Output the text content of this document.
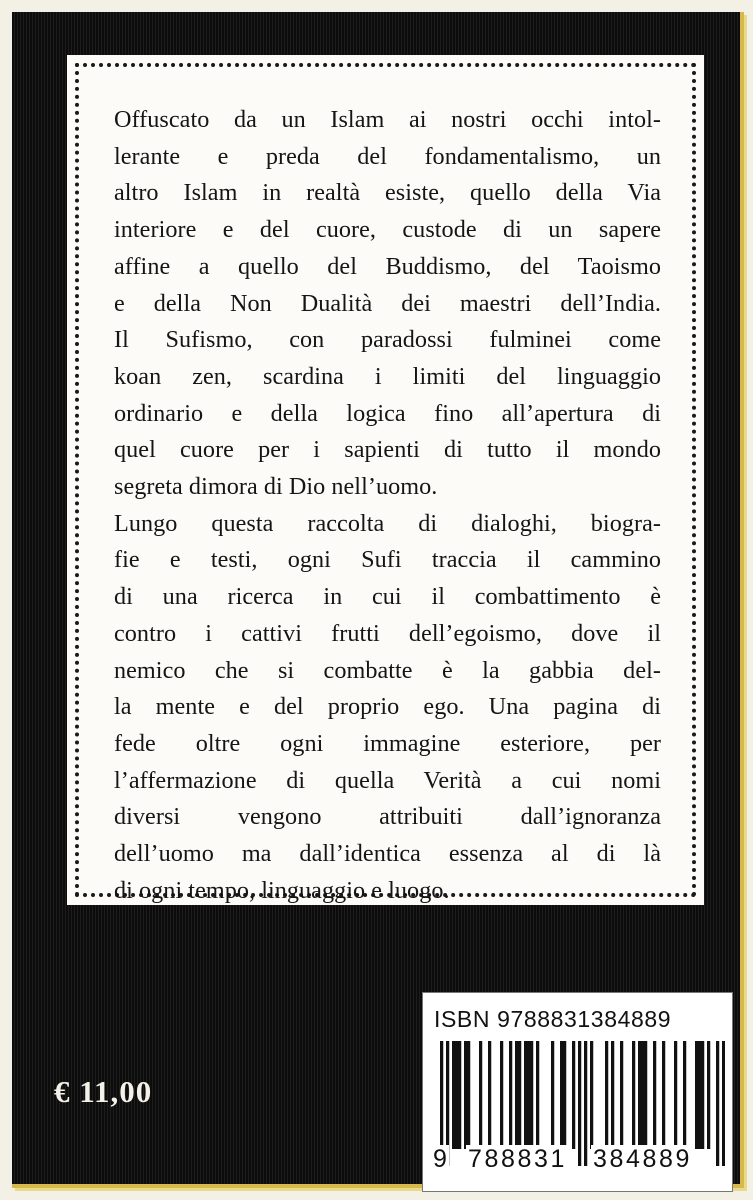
Offuscato da un Islam ai nostri occhi intol-
lerante e preda del fondamentalismo, un
altro Islam in realtà esiste, quello della Via
interiore e del cuore, custode di un sapere
affine a quello del Buddismo, del Taoismo
e della Non Dualità dei maestri dell’India.
Il Sufismo, con paradossi fulminei come
koan zen, scardina i limiti del linguaggio
ordinario e della logica fino all’apertura di
quel cuore per i sapienti di tutto il mondo
segreta dimora di Dio nell’uomo.
Lungo questa raccolta di dialoghi, biogra-
fie e testi, ogni Sufi traccia il cammino
di una ricerca in cui il combattimento è
contro i cattivi frutti dell’egoismo, dove il
nemico che si combatte è la gabbia del-
la mente e del proprio ego. Una pagina di
fede oltre ogni immagine esteriore, per
l’affermazione di quella Verità a cui nomi
diversi vengono attribuiti dall’ignoranza
dell’uomo ma dall’identica essenza al di là
di ogni tempo, linguaggio e luogo.
€ 11,00
ISBN 9788831384889
9 788831 384889
